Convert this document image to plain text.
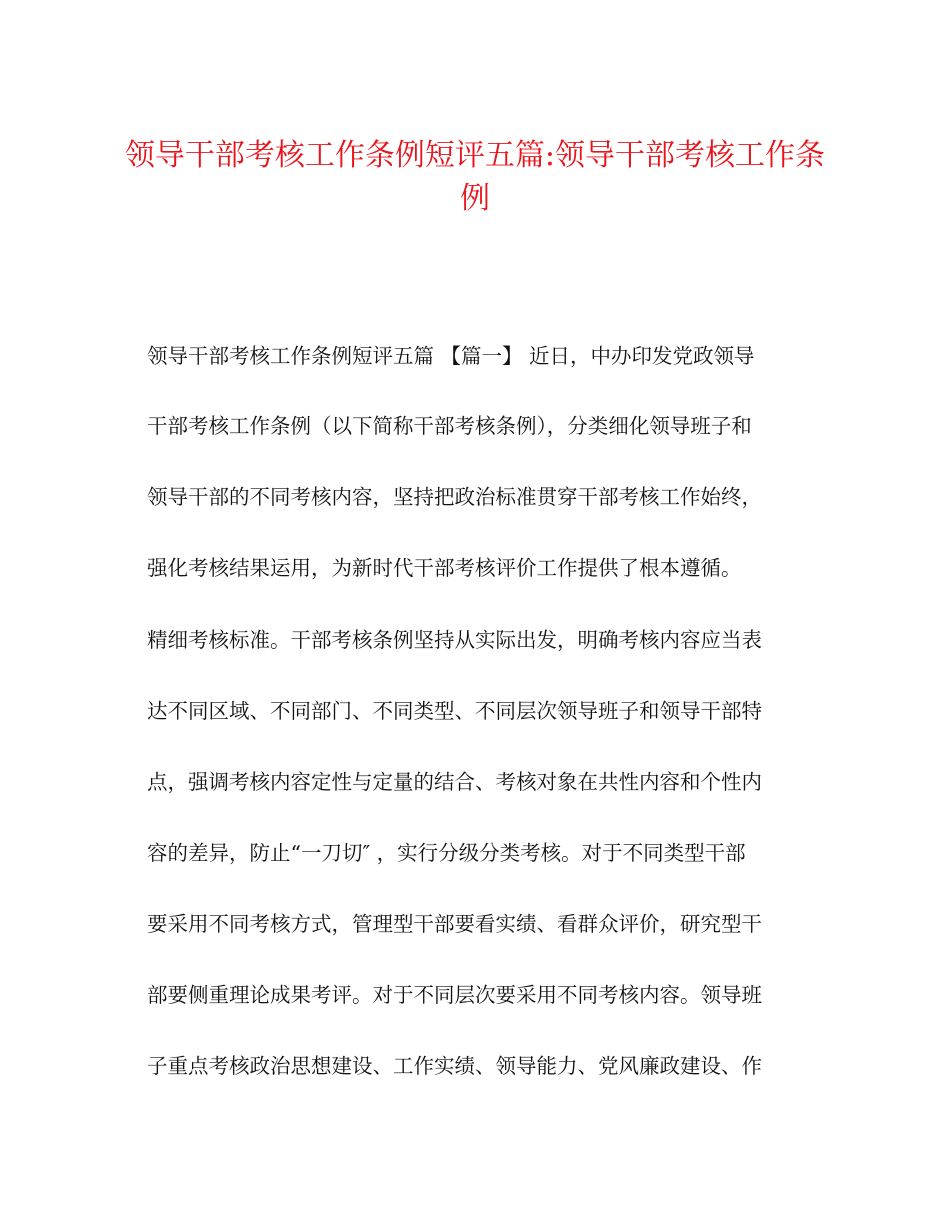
领导干部考核工作条例短评五篇:领导干部考核工作条
例

领导干部考核工作条例短评五篇 【篇一】 近日，中办印发党政领导

干部考核工作条例（以下简称干部考核条例），分类细化领导班子和

领导干部的不同考核内容，坚持把政治标准贯穿干部考核工作始终，

强化考核结果运用，为新时代干部考核评价工作提供了根本遵循。

精细考核标准。干部考核条例坚持从实际出发，明确考核内容应当表

达不同区域、不同部门、不同类型、不同层次领导班子和领导干部特

点，强调考核内容定性与定量的结合、考核对象在共性内容和个性内

容的差异，防止“一刀切″ ，实行分级分类考核。对于不同类型干部

要采用不同考核方式，管理型干部要看实绩、看群众评价，研究型干

部要侧重理论成果考评。对于不同层次要采用不同考核内容。领导班

子重点考核政治思想建设、工作实绩、领导能力、党风廉政建设、作
